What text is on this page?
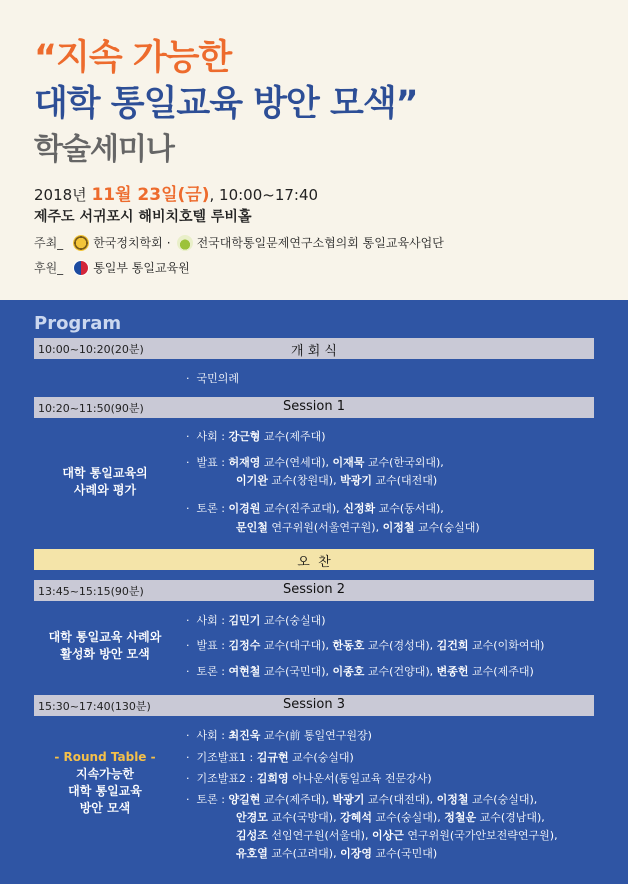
“지속 가능한
대학 통일교육 방안 모색”
학술세미나
2018년 11월 23일(금), 10:00~17:40
제주도 서귀포시 해비치호텔 루비홀
주최_	한국정치학회 · 전국대학통일문제연구소협의회 통일교육사업단
후원_	통일부 통일교육원
Program
10:00~10:20(20분)	개 회 식
· 국민의례
10:20~11:50(90분)	Session 1
대학 통일교육의
사례와 평가
· 사회 : 강근형 교수(제주대)
· 발표 : 허재영 교수(연세대), 이재묵 교수(한국외대),
이기완 교수(창원대), 박광기 교수(대전대)
· 토론 : 이경원 교수(진주교대), 신정화 교수(동서대),
문인철 연구위원(서울연구원), 이정철 교수(숭실대)
오  찬
13:45~15:15(90분)	Session 2
대학 통일교육 사례와
활성화 방안 모색
· 사회 : 김민기 교수(숭실대)
· 발표 : 김정수 교수(대구대), 한동호 교수(경성대), 김건희 교수(이화여대)
· 토론 : 여현철 교수(국민대), 이종호 교수(건양대), 변종헌 교수(제주대)
15:30~17:40(130분)	Session 3
- Round Table -
지속가능한
대학 통일교육
방안 모색
· 사회 : 최진욱 교수(前 통일연구원장)
· 기조발표1 : 김규현 교수(숭실대)
· 기조발표2 : 김희영 아나운서(통일교육 전문강사)
· 토론 : 양길현 교수(제주대), 박광기 교수(대전대), 이정철 교수(숭실대),
안경모 교수(국방대), 강혜석 교수(숭실대), 정철운 교수(경남대),
김성조 선임연구원(서울대), 이상근 연구위원(국가안보전략연구원),
유호열 교수(고려대), 이장영 교수(국민대)
